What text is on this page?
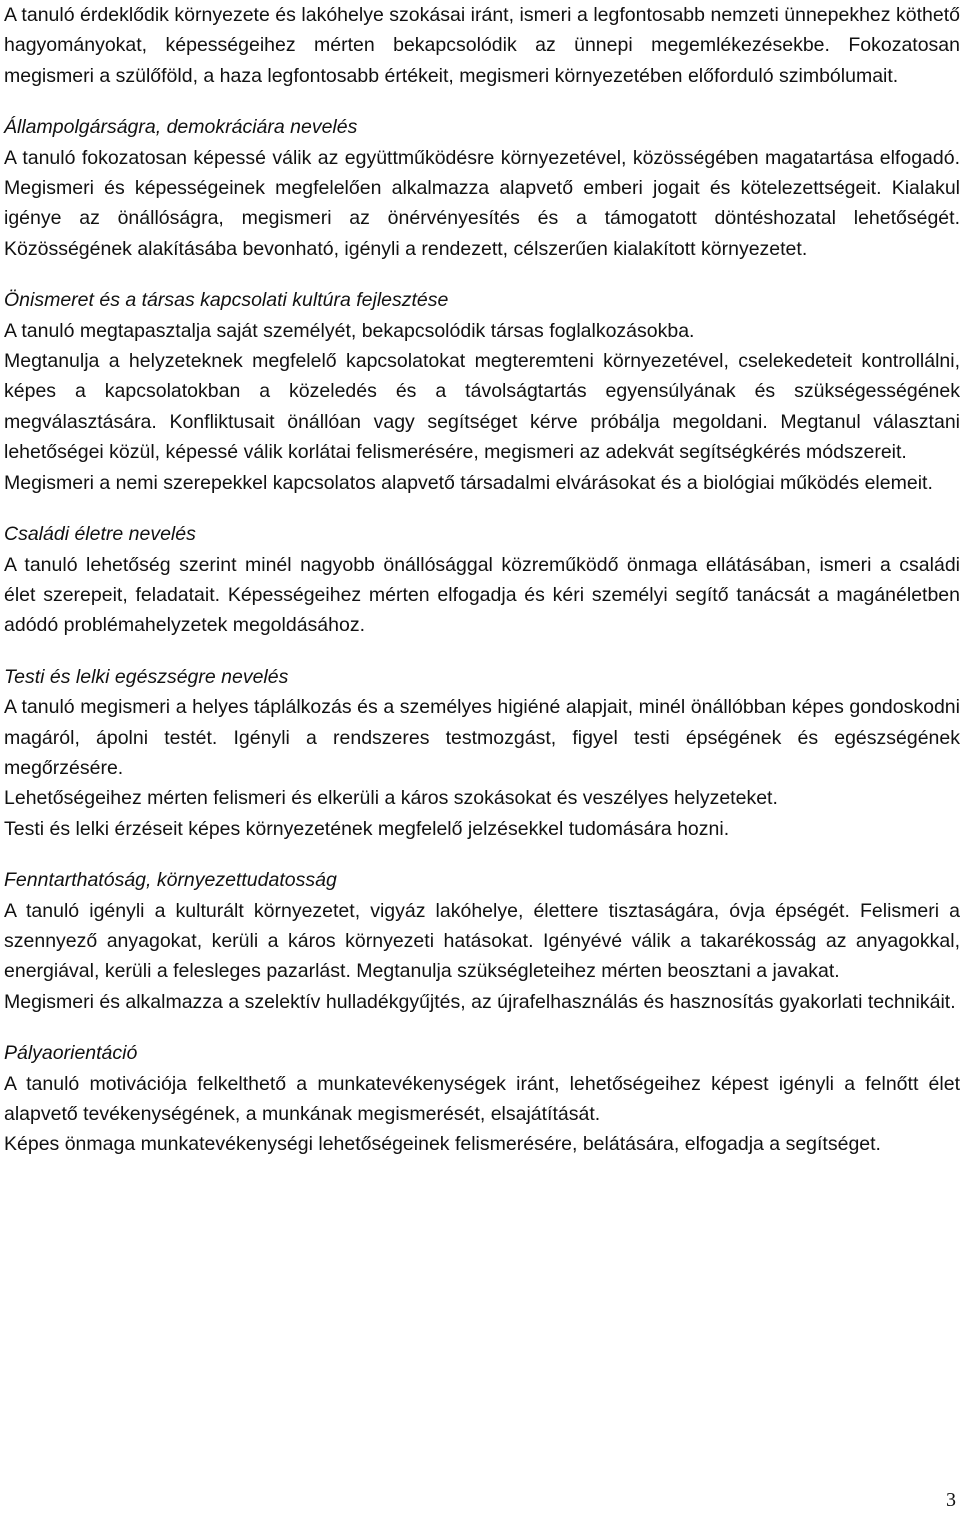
A tanuló érdeklődik környezete és lakóhelye szokásai iránt, ismeri a legfontosabb nemzeti ünnepekhez köthető hagyományokat, képességeihez mérten bekapcsolódik az ünnepi megemlékezésekbe. Fokozatosan megismeri a szülőföld, a haza legfontosabb értékeit, megismeri környezetében előforduló szimbólumait.

Állampolgárságra, demokráciára nevelés

A tanuló fokozatosan képessé válik az együttműködésre környezetével, közösségében magatartása elfogadó. Megismeri és képességeinek megfelelően alkalmazza alapvető emberi jogait és kötelezettségeit. Kialakul igénye az önállóságra, megismeri az önérvényesítés és a támogatott döntéshozatal lehetőségét. Közösségének alakításába bevonható, igényli a rendezett, célszerűen kialakított környezetet.

Önismeret és a társas kapcsolati kultúra fejlesztése

A tanuló megtapasztalja saját személyét, bekapcsolódik társas foglalkozásokba.

Megtanulja a helyzeteknek megfelelő kapcsolatokat megteremteni környezetével, cselekedeteit kontrollálni, képes a kapcsolatokban a közeledés és a távolságtartás egyensúlyának és szükségességének megválasztására. Konfliktusait önállóan vagy segítséget kérve próbálja megoldani. Megtanul választani lehetőségei közül, képessé válik korlátai felismerésére, megismeri az adekvát segítségkérés módszereit.

Megismeri a nemi szerepekkel kapcsolatos alapvető társadalmi elvárásokat és a biológiai működés elemeit.

Családi életre nevelés

A tanuló lehetőség szerint minél nagyobb önállósággal közreműködő önmaga ellátásában, ismeri a családi élet szerepeit, feladatait. Képességeihez mérten elfogadja és kéri személyi segítő tanácsát a magánéletben adódó problémahelyzetek megoldásához.

Testi és lelki egészségre nevelés

A tanuló megismeri a helyes táplálkozás és a személyes higiéné alapjait, minél önállóbban képes gondoskodni magáról, ápolni testét. Igényli a rendszeres testmozgást, figyel testi épségének és egészségének megőrzésére.

Lehetőségeihez mérten felismeri és elkerüli a káros szokásokat és veszélyes helyzeteket.

Testi és lelki érzéseit képes környezetének megfelelő jelzésekkel tudomására hozni.

Fenntarthatóság, környezettudatosság

A tanuló igényli a kulturált környezetet, vigyáz lakóhelye, élettere tisztaságára, óvja épségét. Felismeri a szennyező anyagokat, kerüli a káros környezeti hatásokat. Igényévé válik a takarékosság az anyagokkal, energiával, kerüli a felesleges pazarlást. Megtanulja szükségleteihez mérten beosztani a javakat.

Megismeri és alkalmazza a szelektív hulladékgyűjtés, az újrafelhasználás és hasznosítás gyakorlati technikáit.

Pályaorientáció

A tanuló motivációja felkelthető a munkatevékenységek iránt, lehetőségeihez képest igényli a felnőtt élet alapvető tevékenységének, a munkának megismerését, elsajátítását.

Képes önmaga munkatevékenységi lehetőségeinek felismerésére, belátására, elfogadja a segítséget.

3
